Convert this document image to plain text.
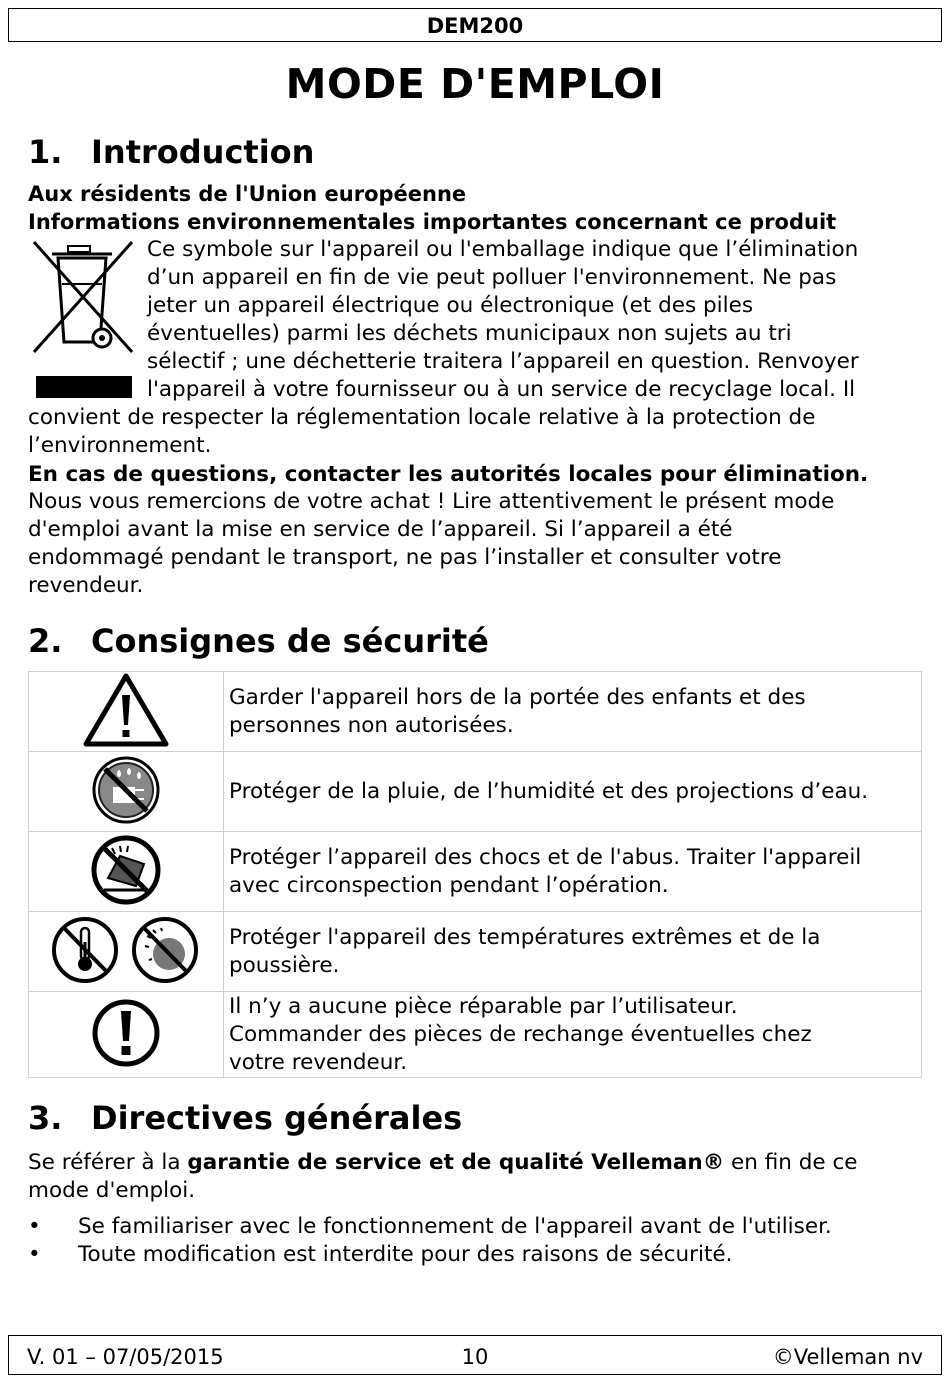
DEM200
MODE D'EMPLOI
1. Introduction
Aux résidents de l'Union européenne
Informations environnementales importantes concernant ce produit
Ce symbole sur l'appareil ou l'emballage indique que l’élimination
d’un appareil en fin de vie peut polluer l'environnement. Ne pas
jeter un appareil électrique ou électronique (et des piles
éventuelles) parmi les déchets municipaux non sujets au tri
sélectif ; une déchetterie traitera l’appareil en question. Renvoyer
l'appareil à votre fournisseur ou à un service de recyclage local. Il
convient de respecter la réglementation locale relative à la protection de
l’environnement.
En cas de questions, contacter les autorités locales pour élimination.
Nous vous remercions de votre achat ! Lire attentivement le présent mode
d'emploi avant la mise en service de l’appareil. Si l’appareil a été
endommagé pendant le transport, ne pas l’installer et consulter votre
revendeur.
2. Consignes de sécurité

Garder l'appareil hors de la portée des enfants et des
personnes non autorisées.

Protéger de la pluie, de l’humidité et des projections d’eau.

Protéger l’appareil des chocs et de l'abus. Traiter l'appareil
avec circonspection pendant l’opération.

Protéger l'appareil des températures extrêmes et de la
poussière.

Il n’y a aucune pièce réparable par l’utilisateur.
Commander des pièces de rechange éventuelles chez
votre revendeur.
3. Directives générales
Se référer à la garantie de service et de qualité Velleman® en fin de ce
mode d'emploi.
• Se familiariser avec le fonctionnement de l'appareil avant de l'utiliser.
• Toute modification est interdite pour des raisons de sécurité.
V. 01 – 07/05/2015	10	©Velleman nv
